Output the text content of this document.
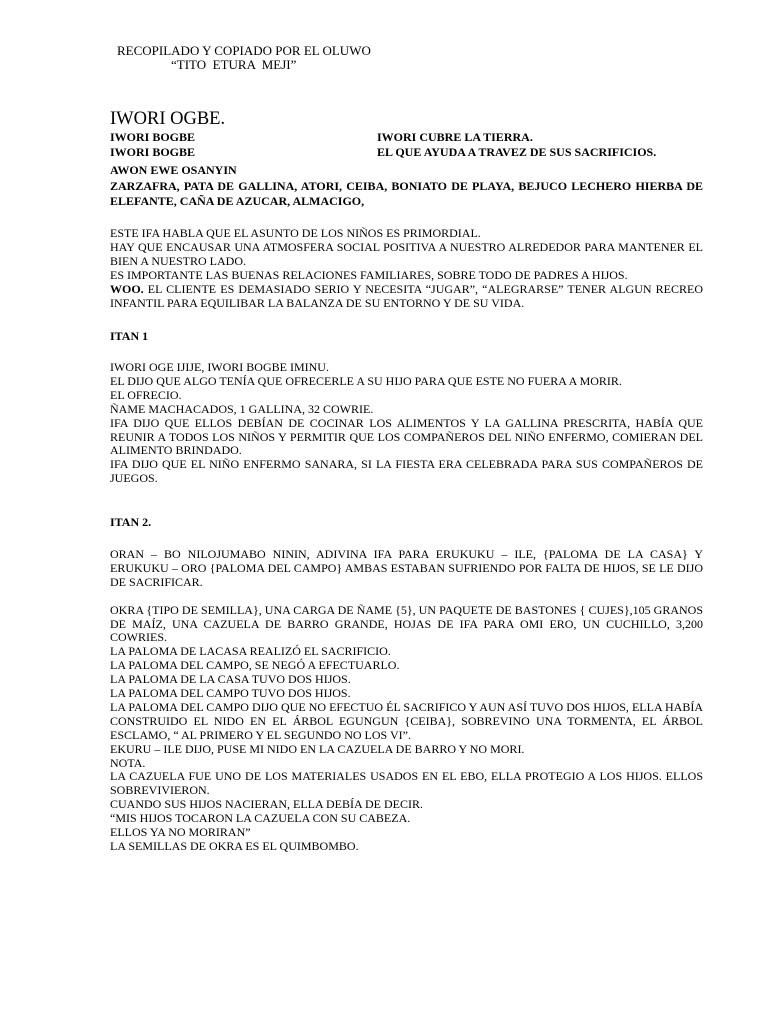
RECOPILADO Y COPIADO POR EL OLUWO
“TITO  ETURA  MEJI”
IWORI OGBE.
IWORI BOGBE	IWORI CUBRE LA TIERRA.
IWORI BOGBE	EL QUE AYUDA A TRAVEZ DE SUS SACRIFICIOS.

AWON EWE OSANYIN

ZARZAFRA, PATA DE GALLINA, ATORI, CEIBA, BONIATO DE PLAYA, BEJUCO LECHERO HIERBA DE ELEFANTE, CAÑA DE AZUCAR, ALMACIGO,

ESTE IFA HABLA QUE EL ASUNTO DE LOS NIÑOS ES PRIMORDIAL.

HAY QUE ENCAUSAR UNA ATMOSFERA SOCIAL POSITIVA A NUESTRO ALREDEDOR PARA MANTENER EL BIEN A NUESTRO LADO.

ES IMPORTANTE LAS BUENAS RELACIONES FAMILIARES, SOBRE TODO DE PADRES A HIJOS.

WOO. EL CLIENTE ES DEMASIADO SERIO Y NECESITA “JUGAR”, “ALEGRARSE” TENER ALGUN RECREO INFANTIL PARA EQUILIBAR LA BALANZA DE SU ENTORNO Y DE SU VIDA.

ITAN 1

IWORI OGE IJIJE, IWORI BOGBE IMINU.

EL DIJO QUE ALGO TENÍA QUE OFRECERLE A SU HIJO PARA QUE ESTE NO FUERA A MORIR.

EL OFRECIO.

ÑAME MACHACADOS, 1 GALLINA, 32 COWRIE.

IFA DIJO QUE ELLOS DEBÍAN DE COCINAR LOS ALIMENTOS Y LA GALLINA PRESCRITA, HABÍA QUE REUNIR A TODOS LOS NIÑOS Y PERMITIR QUE LOS COMPAÑEROS DEL NIÑO ENFERMO, COMIERAN DEL ALIMENTO BRINDADO.

IFA DIJO QUE EL NIÑO ENFERMO SANARA, SI LA FIESTA ERA CELEBRADA PARA SUS COMPAÑEROS DE JUEGOS.

ITAN 2.

ORAN – BO NILOJUMABO NININ, ADIVINA IFA PARA ERUKUKU – ILE, {PALOMA DE LA CASA} Y ERUKUKU – ORO {PALOMA DEL CAMPO} AMBAS ESTABAN SUFRIENDO POR FALTA DE HIJOS, SE LE DIJO DE SACRIFICAR.

OKRA {TIPO DE SEMILLA}, UNA CARGA DE ÑAME {5}, UN PAQUETE DE BASTONES { CUJES},105 GRANOS DE MAÍZ, UNA CAZUELA DE BARRO GRANDE, HOJAS DE IFA PARA OMI ERO, UN CUCHILLO, 3,200 COWRIES.

LA PALOMA DE LACASA REALIZÓ EL SACRIFICIO.

LA PALOMA DEL CAMPO, SE NEGÓ A EFECTUARLO.

LA PALOMA DE LA CASA TUVO DOS HIJOS.

LA PALOMA DEL CAMPO TUVO DOS HIJOS.

LA PALOMA DEL CAMPO DIJO QUE NO EFECTUO ÉL SACRIFICO Y AUN ASÍ TUVO DOS HIJOS, ELLA HABÍA CONSTRUIDO EL NIDO EN EL ÁRBOL EGUNGUN {CEIBA}, SOBREVINO UNA TORMENTA, EL ÁRBOL ESCLAMO, “ AL PRIMERO Y EL SEGUNDO NO LOS VI”.

EKURU – ILE DIJO, PUSE MI NIDO EN LA CAZUELA DE BARRO Y NO MORI.

NOTA.

LA CAZUELA FUE UNO DE LOS MATERIALES USADOS EN EL EBO, ELLA PROTEGIO A LOS HIJOS. ELLOS SOBREVIVIERON.

CUANDO SUS HIJOS NACIERAN, ELLA DEBÍA DE DECIR.

“MIS HIJOS TOCARON LA CAZUELA CON SU CABEZA.

ELLOS YA NO MORIRAN”

LA SEMILLAS DE OKRA ES EL QUIMBOMBO.
